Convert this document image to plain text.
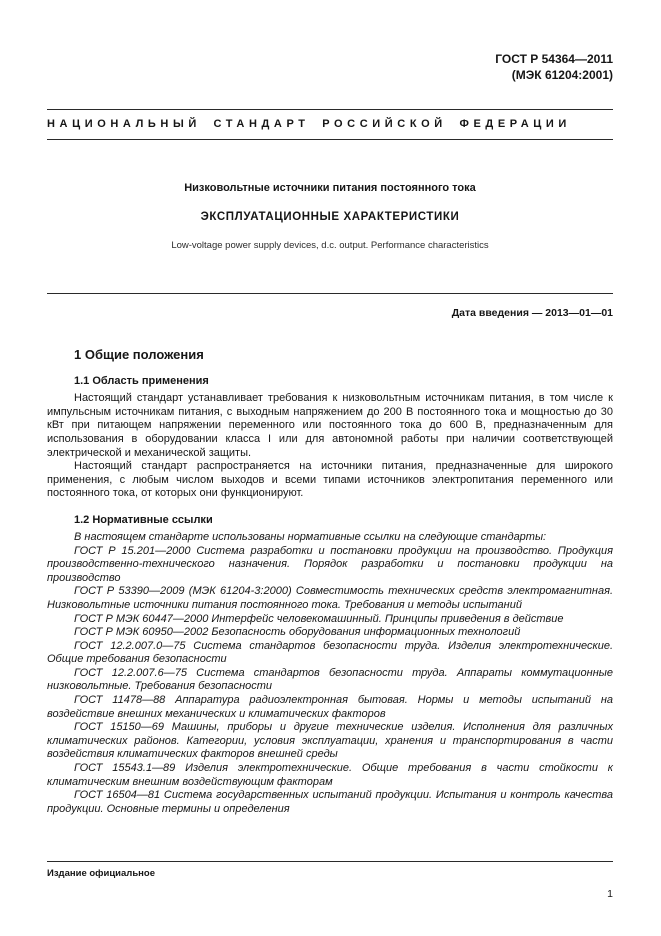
ГОСТ Р 54364—2011
(МЭК 61204:2001)
НАЦИОНАЛЬНЫЙ СТАНДАРТ РОССИЙСКОЙ ФЕДЕРАЦИИ
Низковольтные источники питания постоянного тока
ЭКСПЛУАТАЦИОННЫЕ ХАРАКТЕРИСТИКИ
Low-voltage power supply devices, d.c. output. Performance characteristics
Дата введения — 2013—01—01
1 Общие положения
1.1 Область применения

Настоящий стандарт устанавливает требования к низковольтным источникам питания, в том числе к импульсным источникам питания, с выходным напряжением до 200 В постоянного тока и мощностью до 30 кВт при питающем напряжении переменного или постоянного тока до 600 В, предназначенным для использования в оборудовании класса I или для автономной работы при наличии соответствующей электрической и механической защиты.

Настоящий стандарт распространяется на источники питания, предназначенные для широкого применения, с любым числом выходов и всеми типами источников электропитания переменного или постоянного тока, от которых они функционируют.

1.2 Нормативные ссылки

В настоящем стандарте использованы нормативные ссылки на следующие стандарты:

ГОСТ Р 15.201—2000 Система разработки и постановки продукции на производство. Продукция производственно-технического назначения. Порядок разработки и постановки продукции на производство

ГОСТ Р 53390—2009 (МЭК 61204-3:2000) Совместимость технических средств электромагнитная. Низковольтные источники питания постоянного тока. Требования и методы испытаний

ГОСТ Р МЭК 60447—2000 Интерфейс человекомашинный. Принципы приведения в действие

ГОСТ Р МЭК 60950—2002 Безопасность оборудования информационных технологий

ГОСТ 12.2.007.0—75 Система стандартов безопасности труда. Изделия электротехнические. Общие требования безопасности

ГОСТ 12.2.007.6—75 Система стандартов безопасности труда. Аппараты коммутационные низковольтные. Требования безопасности

ГОСТ 11478—88 Аппаратура радиоэлектронная бытовая. Нормы и методы испытаний на воздействие внешних механических и климатических факторов

ГОСТ 15150—69 Машины, приборы и другие технические изделия. Исполнения для различных климатических районов. Категории, условия эксплуатации, хранения и транспортирования в части воздействия климатических факторов внешней среды

ГОСТ 15543.1—89 Изделия электротехнические. Общие требования в части стойкости к климатическим внешним воздействующим факторам

ГОСТ 16504—81 Система государственных испытаний продукции. Испытания и контроль качества продукции. Основные термины и определения

Издание официальное
1
